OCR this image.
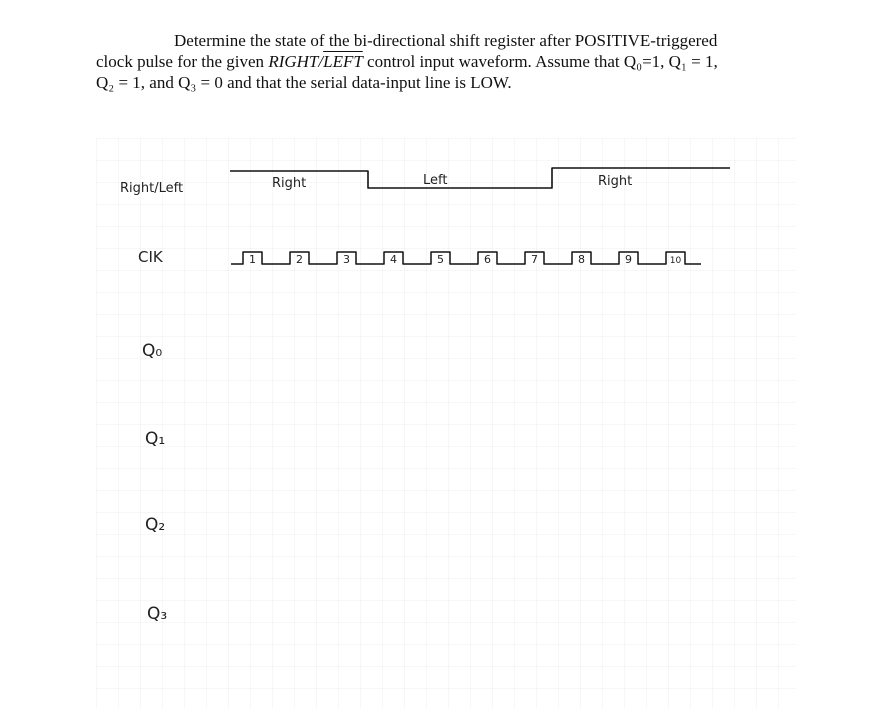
Determine the state of the bi-directional shift register after POSITIVE-triggered
clock pulse for the given RIGHT/LEFT control input waveform. Assume that Q₀=1, Q₁ = 1,
Q₂ = 1, and Q₃ = 0 and that the serial data-input line is LOW.
Right/Left
CIK
Q₀
Q₁
Q₂
Q₃
Right	Left	Right
1	2	3	4	5	6	7	8	9	10
